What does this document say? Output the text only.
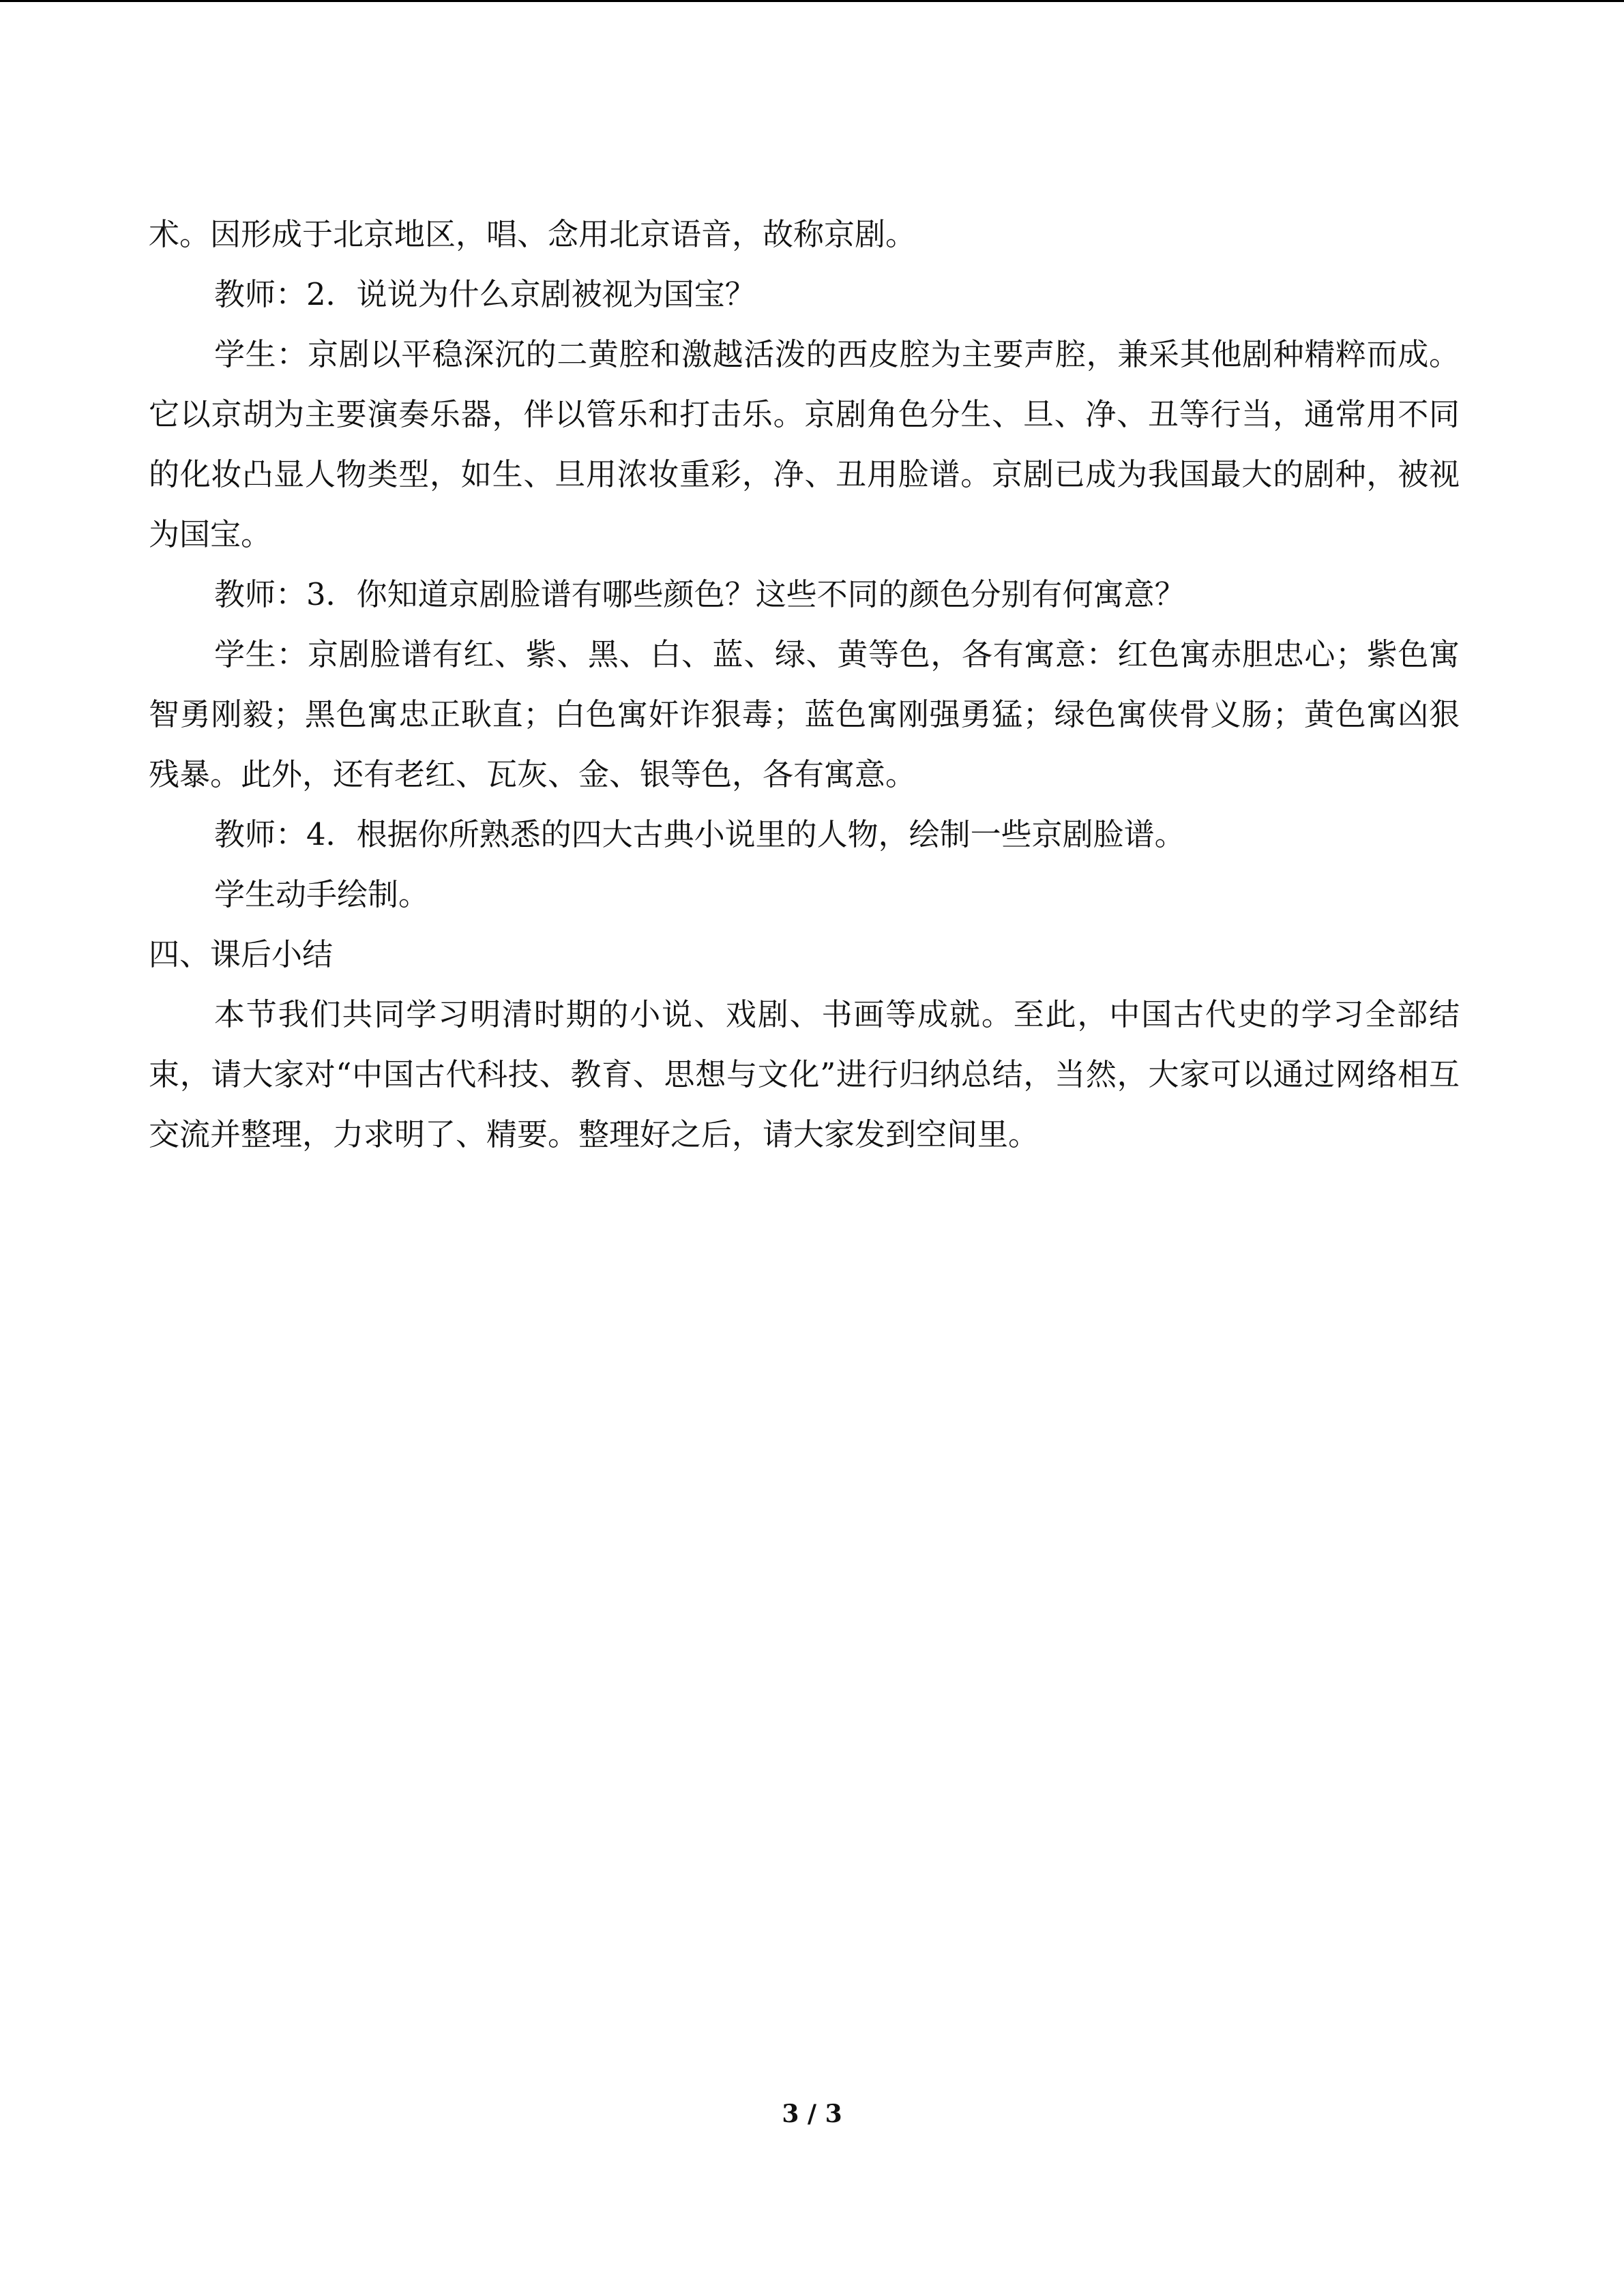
术。因形成于北京地区，唱、念用北京语音，故称京剧。

教师：2．说说为什么京剧被视为国宝？

学生：京剧以平稳深沉的二黄腔和激越活泼的西皮腔为主要声腔，兼采其他剧种精粹而成。它以京胡为主要演奏乐器，伴以管乐和打击乐。京剧角色分生、旦、净、丑等行当，通常用不同的化妆凸显人物类型，如生、旦用浓妆重彩，净、丑用脸谱。京剧已成为我国最大的剧种，被视为国宝。

教师：3．你知道京剧脸谱有哪些颜色？这些不同的颜色分别有何寓意？

学生：京剧脸谱有红、紫、黑、白、蓝、绿、黄等色，各有寓意：红色寓赤胆忠心；紫色寓智勇刚毅；黑色寓忠正耿直；白色寓奸诈狠毒；蓝色寓刚强勇猛；绿色寓侠骨义肠；黄色寓凶狠残暴。此外，还有老红、瓦灰、金、银等色，各有寓意。

教师：4．根据你所熟悉的四大古典小说里的人物，绘制一些京剧脸谱。

学生动手绘制。

四、课后小结

本节我们共同学习明清时期的小说、戏剧、书画等成就。至此，中国古代史的学习全部结束，请大家对“中国古代科技、教育、思想与文化”进行归纳总结，当然，大家可以通过网络相互交流并整理，力求明了、精要。整理好之后，请大家发到空间里。

3 / 3
